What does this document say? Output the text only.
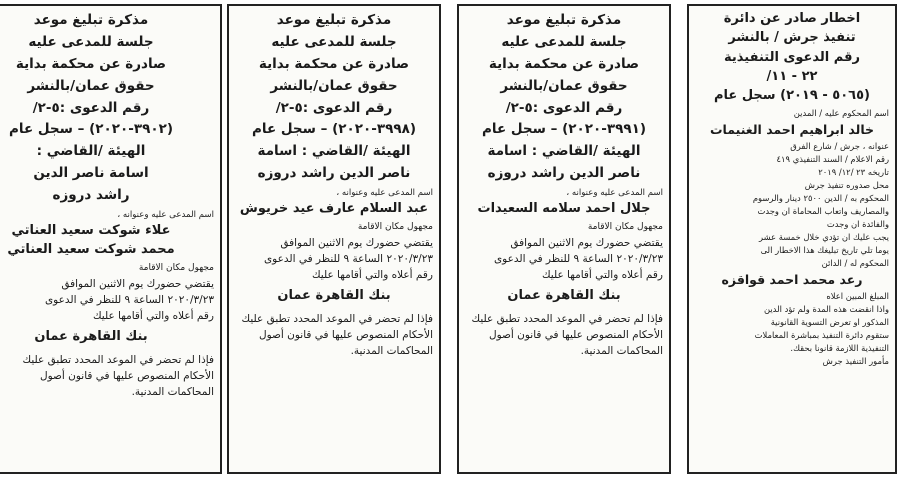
اخطار صادر عن دائرة
تنفيذ جرش / بالنشر
رقم الدعوى التنفيذية
٢٢ - ١١/
(٥٠٦٥ - ٢٠١٩) سجل عام
اسم المحكوم عليه / المدين
خالد ابراهيم احمد الغنيمات
عنوانه ، جرش / شارع الفرق
رقم الاعلام / السند التنفيذي ٤١٩
تاريخه ٢٣ /١٢/ ٢٠١٩
محل صدوره تنفيذ جرش
المحكوم به / الدين ٢٥٠٠ دينار والرسوم
والمصاريف واتعاب المحاماة ان وجدت
والفائدة ان وجدت
يجب عليك ان تؤدي خلال خمسة عشر
يوما تلي تاريخ تبليغك هذا الاخطار الى
المحكوم له / الدائن
رعد محمد احمد قواقزه
المبلغ المبين اعلاه
واذا انقضت هذه المدة ولم تؤد الدين
المذكور او تعرض التسوية القانونية
ستقوم دائرة التنفيذ بمباشرة المعاملات
التنفيذية اللازمة قانونا بحقك.
مأمور التنفيذ جرش
مذكرة تبليغ موعد
جلسة للمدعى عليه
صادرة عن محكمة بداية
حقوق عمان/بالنشر
رقم الدعوى :٥-٢/
(٣٩٩١-٢٠٢٠) – سجل عام
الهيئة /القاضي : اسامة
ناصر الدين راشد دروزه
اسم المدعى عليه وعنوانه ،
جلال احمد سلامه السعيدات
مجهول مكان الاقامة
يقتضي حضورك يوم الاثنين الموافق
٢٠٢٠/٣/٢٣ الساعة ٩ للنظر في الدعوى
رقم أعلاه والتي أقامها عليك
بنك القاهرة عمان
فإذا لم تحضر في الموعد المحدد تطبق عليك
الأحكام المنصوص عليها في قانون أصول
المحاكمات المدنية.
مذكرة تبليغ موعد
جلسة للمدعى عليه
صادرة عن محكمة بداية
حقوق عمان/بالنشر
رقم الدعوى :٥-٢/
(٣٩٩٨-٢٠٢٠) – سجل عام
الهيئة /القاضي : اسامة
ناصر الدين راشد دروزه
اسم المدعى عليه وعنوانه ،
عبد السلام عارف عيد خريوش
مجهول مكان الاقامة
يقتضي حضورك يوم الاثنين الموافق
٢٠٢٠/٣/٢٣ الساعة ٩ للنظر في الدعوى
رقم أعلاه والتي أقامها عليك
بنك القاهرة عمان
فإذا لم تحضر في الموعد المحدد تطبق عليك
الأحكام المنصوص عليها في قانون أصول
المحاكمات المدنية.
مذكرة تبليغ موعد
جلسة للمدعى عليه
صادرة عن محكمة بداية
حقوق عمان/بالنشر
رقم الدعوى :٥-٢/
(٣٩٠٢-٢٠٢٠) – سجل عام
الهيئة /القاضي :
اسامة ناصر الدين
راشد دروزه
اسم المدعى عليه وعنوانه ،
علاء شوكت سعيد العناتي
محمد شوكت سعيد العناتي
مجهول مكان الاقامة
يقتضي حضورك يوم الاثنين الموافق
٢٠٢٠/٣/٢٣ الساعة ٩ للنظر في الدعوى
رقم أعلاه والتي أقامها عليك
بنك القاهرة عمان
فإذا لم تحضر في الموعد المحدد تطبق عليك
الأحكام المنصوص عليها في قانون أصول
المحاكمات المدنية.
